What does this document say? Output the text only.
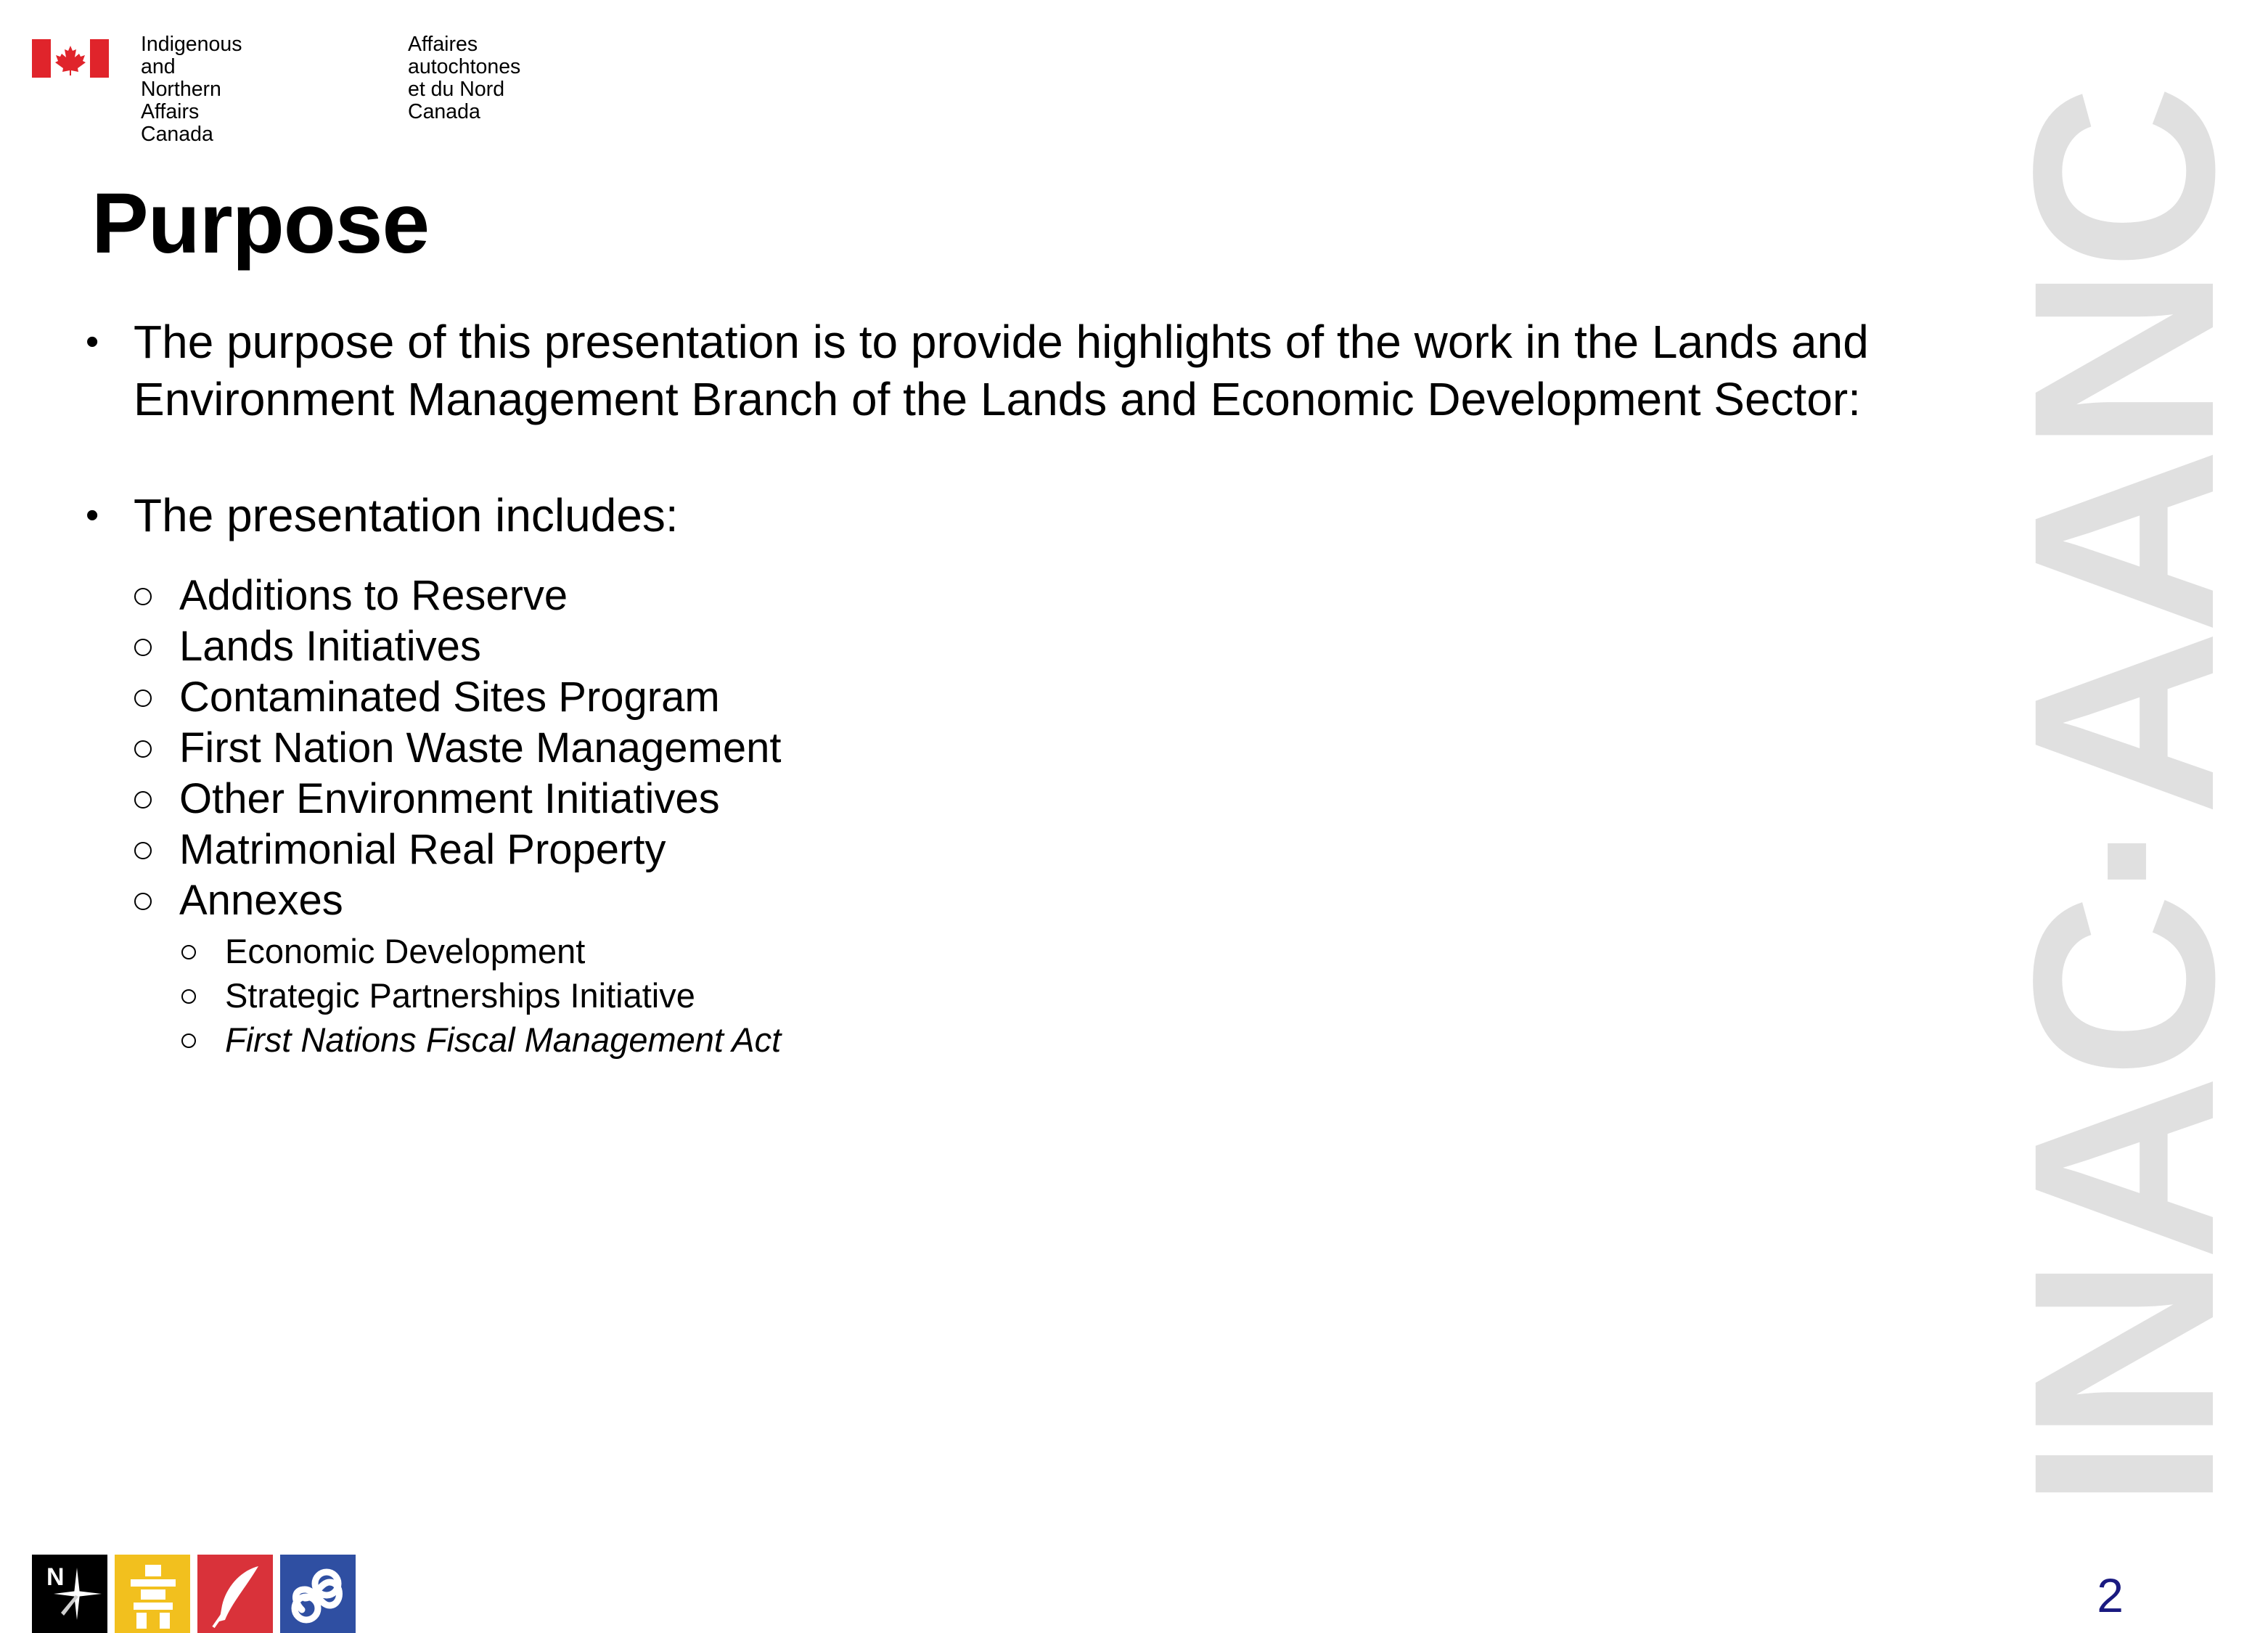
Indigenous and
Northern Affairs Canada
Affaires autochtones
et du Nord Canada
Purpose
• The purpose of this presentation is to provide highlights of the work in the Lands and Environment Management Branch of the Lands and Economic Development Sector:
• The presentation includes:
Additions to Reserve
Lands Initiatives
Contaminated Sites Program
First Nation Waste Management
Other Environment Initiatives
Matrimonial Real Property
Annexes
Economic Development
Strategic Partnerships Initiative
First Nations Fiscal Management Act	INAC·AANC
N	2
